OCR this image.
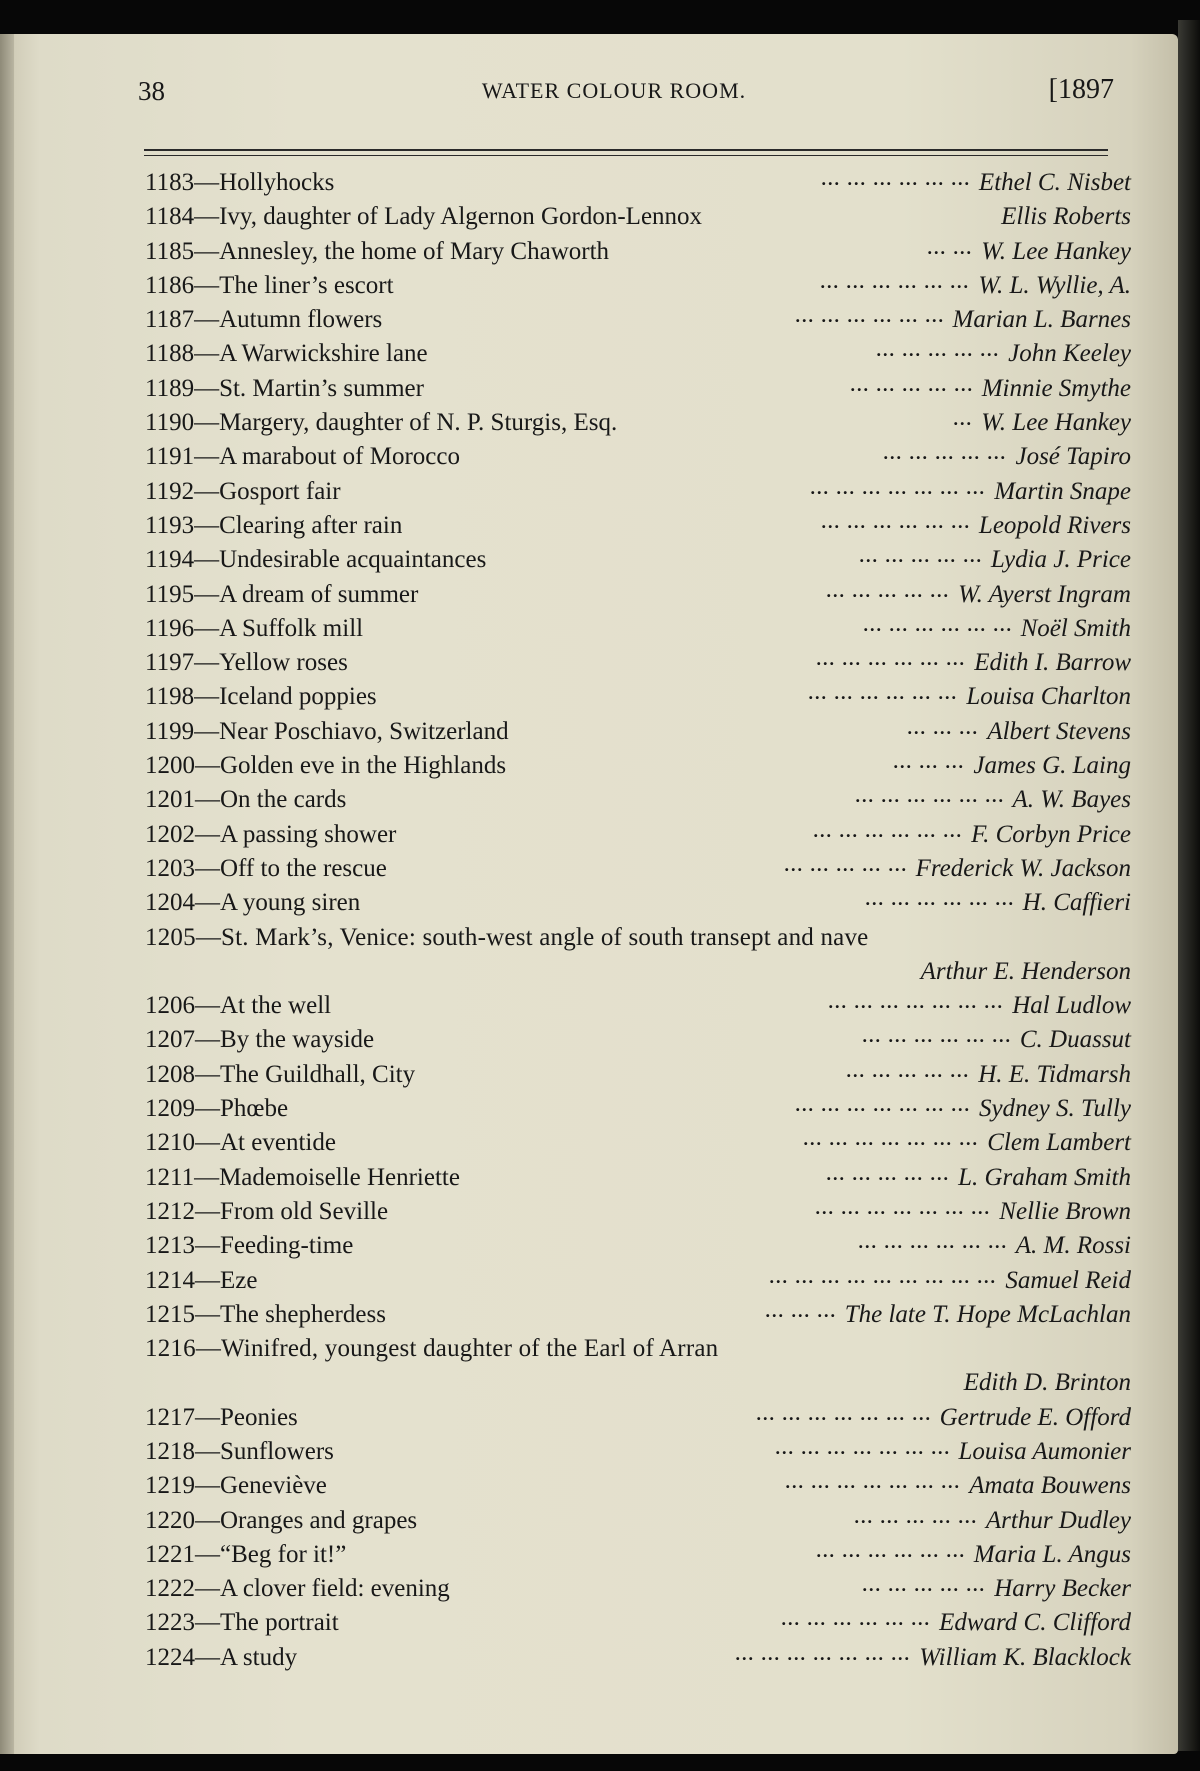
38	WATER COLOUR ROOM.	[1897
1183—Hollyhocks	Ethel C. Nisbet
... ... ... ... ... ...
1184—Ivy, daughter of Lady Algernon Gordon-Lennox	Ellis Roberts
1185—Annesley, the home of Mary Chaworth	W. Lee Hankey
... ...
1186—The liner’s escort	W. L. Wyllie, A.
... ... ... ... ... ...
1187—Autumn flowers	Marian L. Barnes
... ... ... ... ... ...
1188—A Warwickshire lane	John Keeley
... ... ... ... ...
1189—St. Martin’s summer	Minnie Smythe
... ... ... ... ...
1190—Margery, daughter of N. P. Sturgis, Esq.	W. Lee Hankey
...
1191—A marabout of Morocco	José Tapiro
... ... ... ... ...
1192—Gosport fair	Martin Snape
... ... ... ... ... ... ...
1193—Clearing after rain	Leopold Rivers
... ... ... ... ... ...
1194—Undesirable acquaintances	Lydia J. Price
... ... ... ... ...
1195—A dream of summer	W. Ayerst Ingram
... ... ... ... ...
1196—A Suffolk mill	Noël Smith
... ... ... ... ... ...
1197—Yellow roses	Edith I. Barrow
... ... ... ... ... ...
1198—Iceland poppies	Louisa Charlton
... ... ... ... ... ...
1199—Near Poschiavo, Switzerland	Albert Stevens
... ... ...
1200—Golden eve in the Highlands	James G. Laing
... ... ...
1201—On the cards	A. W. Bayes
... ... ... ... ... ...
1202—A passing shower	F. Corbyn Price
... ... ... ... ... ...
1203—Off to the rescue	Frederick W. Jackson
... ... ... ... ...
1204—A young siren	H. Caffieri
... ... ... ... ... ...
1205—St. Mark’s, Venice: south-west angle of south transept and nave
Arthur E. Henderson
1206—At the well	Hal Ludlow
... ... ... ... ... ... ...
1207—By the wayside	C. Duassut
... ... ... ... ... ...
1208—The Guildhall, City	H. E. Tidmarsh
... ... ... ... ...
1209—Phœbe	Sydney S. Tully
... ... ... ... ... ... ...
1210—At eventide	Clem Lambert
... ... ... ... ... ... ...
1211—Mademoiselle Henriette	L. Graham Smith
... ... ... ... ...
1212—From old Seville	Nellie Brown
... ... ... ... ... ... ...
1213—Feeding-time	A. M. Rossi
... ... ... ... ... ...
1214—Eze	Samuel Reid
... ... ... ... ... ... ... ... ...
1215—The shepherdess	The late T. Hope McLachlan
... ... ...
1216—Winifred, youngest daughter of the Earl of Arran
Edith D. Brinton
1217—Peonies	Gertrude E. Offord
... ... ... ... ... ... ...
1218—Sunflowers	Louisa Aumonier
... ... ... ... ... ... ...
1219—Geneviève	Amata Bouwens
... ... ... ... ... ... ...
1220—Oranges and grapes	Arthur Dudley
... ... ... ... ...
1221—“Beg for it!”	Maria L. Angus
... ... ... ... ... ...
1222—A clover field: evening	Harry Becker
... ... ... ... ...
1223—The portrait	Edward C. Clifford
... ... ... ... ... ...
1224—A study	William K. Blacklock
... ... ... ... ... ... ...
